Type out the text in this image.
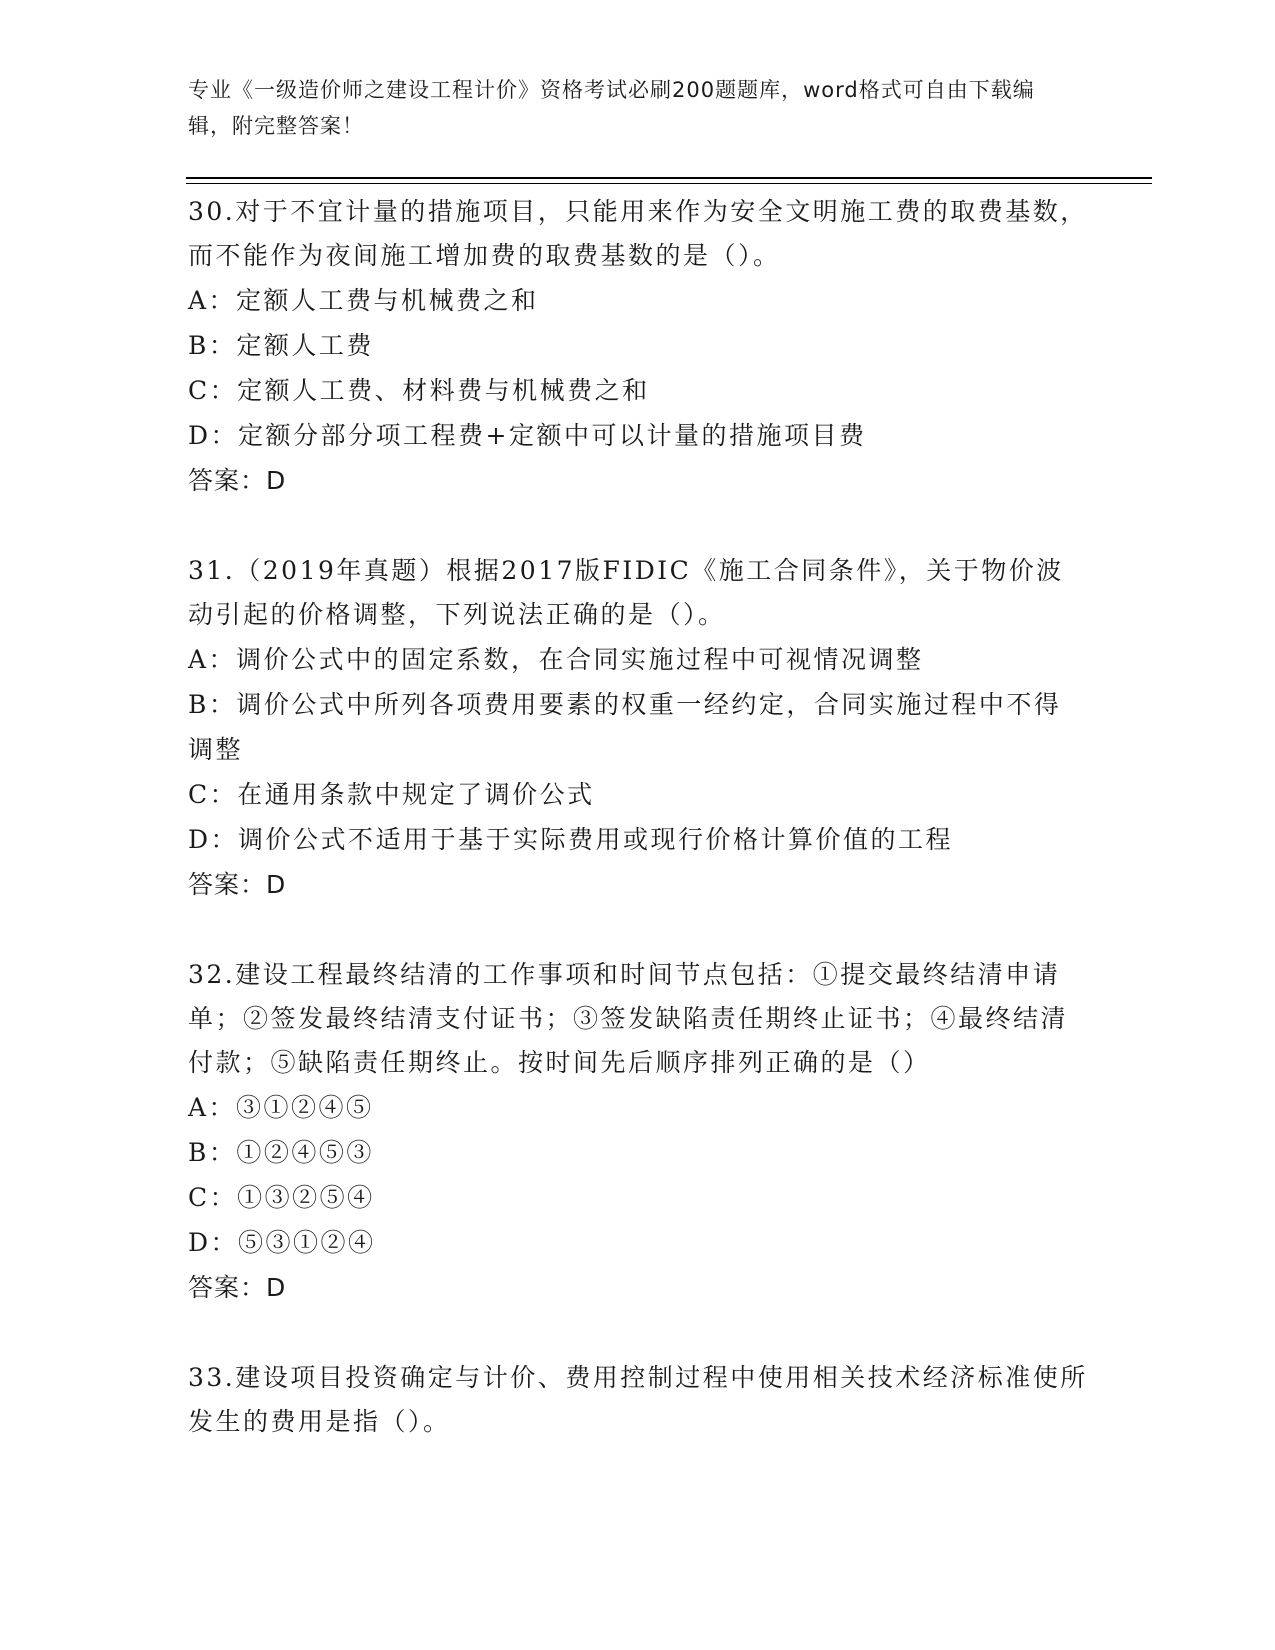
专业《一级造价师之建设工程计价》资格考试必刷200题题库，word格式可自由下载编辑，附完整答案！
30.对于不宜计量的措施项目，只能用来作为安全文明施工费的取费基数，而不能作为夜间施工增加费的取费基数的是（）。
A：定额人工费与机械费之和
B：定额人工费
C：定额人工费、材料费与机械费之和
D：定额分部分项工程费+定额中可以计量的措施项目费
答案：D
31.（2019年真题）根据2017版FIDIC《施工合同条件》，关于物价波动引起的价格调整，下列说法正确的是（）。
A：调价公式中的固定系数，在合同实施过程中可视情况调整
B：调价公式中所列各项费用要素的权重一经约定，合同实施过程中不得调整
C：在通用条款中规定了调价公式
D：调价公式不适用于基于实际费用或现行价格计算价值的工程
答案：D
32.建设工程最终结清的工作事项和时间节点包括：①提交最终结清申请单；②签发最终结清支付证书；③签发缺陷责任期终止证书；④最终结清付款；⑤缺陷责任期终止。按时间先后顺序排列正确的是（）
A：③①②④⑤
B：①②④⑤③
C：①③②⑤④
D：⑤③①②④
答案：D
33.建设项目投资确定与计价、费用控制过程中使用相关技术经济标准使所发生的费用是指（）。
